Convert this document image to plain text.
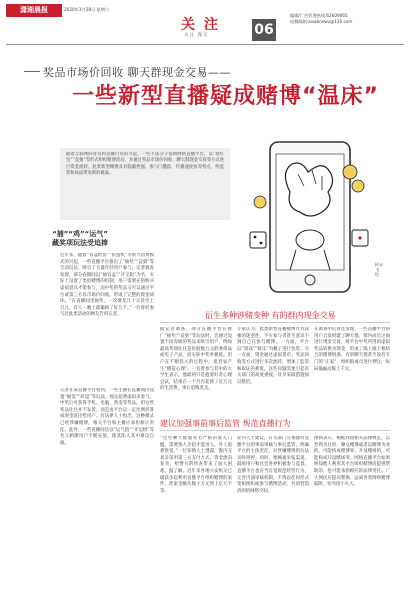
潇湘晨报	2020年3月28日 星期六
关 注
关注 现在	06
编辑/广告管理热线:62609065
投稿邮箱:xxwbnews@126.com
奖品市场价回收 聊天群现金交易——
一些新型直播疑成赌博“温床”
随着互联网的普及和直播行业的兴起，一些不法分子借助网络直播平台，以“抢红包”“竞猜”等形式组织赌博活动，并通过奖品市场价回收、聊天群现金交易等方式进行资金流转。此类新型赌博具有隐蔽性强、参与门槛低、传播速度快等特点，给监管和执法带来新的挑战。
柯永飞
绘
“捕”“鸡”“运气”
藏奖项玩法受追捧
近年来，随着“盲盒经济”“扭蛋机”等新兴消费模式的兴起，一些直播平台推出了“抽奖”“竞猜”等互动玩法，吸引了大量年轻用户参与。记者调查发现，部分直播间以“抽盲盒”“开宝箱”为名，实际上设置了类似赌博的机制，用户需要充值购买虚拟道具才能参与，而中奖的奖品又可以通过平台或第三方以市场价回收，形成了完整的资金闭环。“在直播间里抽奖，一次要花几十元甚至上百元，有人一晚上就输掉了好几千。”一位曾经参与过此类活动的网友告诉记者。
记者在某直播平台看到，一些主播在直播间内设置“抽签”“转盘”等玩法，观众花费虚拟币参与，中奖后可获得手机、电脑、黄金等奖品。但这些奖品往往并不发货，而是由平台以一定比例折算成现金返还给用户。有法律人士指出，这种模式已经涉嫌赌博，相关平台和主播应承担相应责任。此外，一些直播间还以“运气值”“幸运榜”等名义刺激用户不断充值，使其陷入其中难以自拔。
衍生多种涉赌变种 有的群内现金交易
据记者调查，部分直播平台在推广“抽奖”“竞猜”等玩法时，会通过设置不同等级的奖品来吸引用户，例如最高奖项往往是价值数万元的奢侈品或电子产品，而实际中奖率极低。用户在不断投入的过程中，很容易产生“赌徒心理”。一名曾参与其中的大学生表示，他最初只是抱着好奇心理尝试，结果在一个月内花掉了近万元的生活费，事后追悔莫及。
专家认为，此类新型直播赌博具有较强的迷惑性，不少参与者甚至意识不到自己在参与赌博。一方面，平台以“游戏”“娱乐”为幌子进行包装；另一方面，资金通过虚拟货币、奖品回收等方式进行多次流转，增加了监管和取证的难度。这些问题需要引起有关部门的高度重视，及早采取措施加以整治。
在调查中记者还发现，一些直播平台的用户自发组建了聊天群，群内成员之间进行现金交易，将平台中奖所得的虚拟奖品转换为现金，形成了线上线下相结合的赌博链条。有的聊天群甚至设有专门的“庄家”，组织群成员进行押注，每局输赢动辄上千元。
建议加强事前事后监管 规范直播行为
“这些聊天群通常有严格的准入门槛，需要熟人介绍才能进入，外人很难察觉。”一位知情人士透露，群内交易多采用第三方支付方式，资金流向复杂，给警方的侦查带来了很大困难。据了解，近年来各地公安机关已破获多起利用直播平台组织赌博的案件，涉案金额从数十万元到上亿元不等。
业内人士建议，有关部门应加强对直播平台的事前审核与事后监管，明确平台的主体责任，对涉嫌赌博的玩法及时叫停；同时，要畅通举报渠道，鼓励用户和社会各界积极参与监督。直播平台也应当自觉规范经营行为，完善内部审核机制，不得以任何形式变相组织或参与赌博活动，共同营造清朗的网络空间。
律师表示，根据我国相关法律规定，以营利为目的，聚众赌博或者以赌博为业的，可能构成赌博罪；开设赌场的，可能构成开设赌场罪。网络直播平台如果明知他人利用其平台组织赌博而提供帮助的，也可能承担相应的法律责任。广大网民应提高警惕，远离各类网络赌博陷阱，切勿因小失大。
